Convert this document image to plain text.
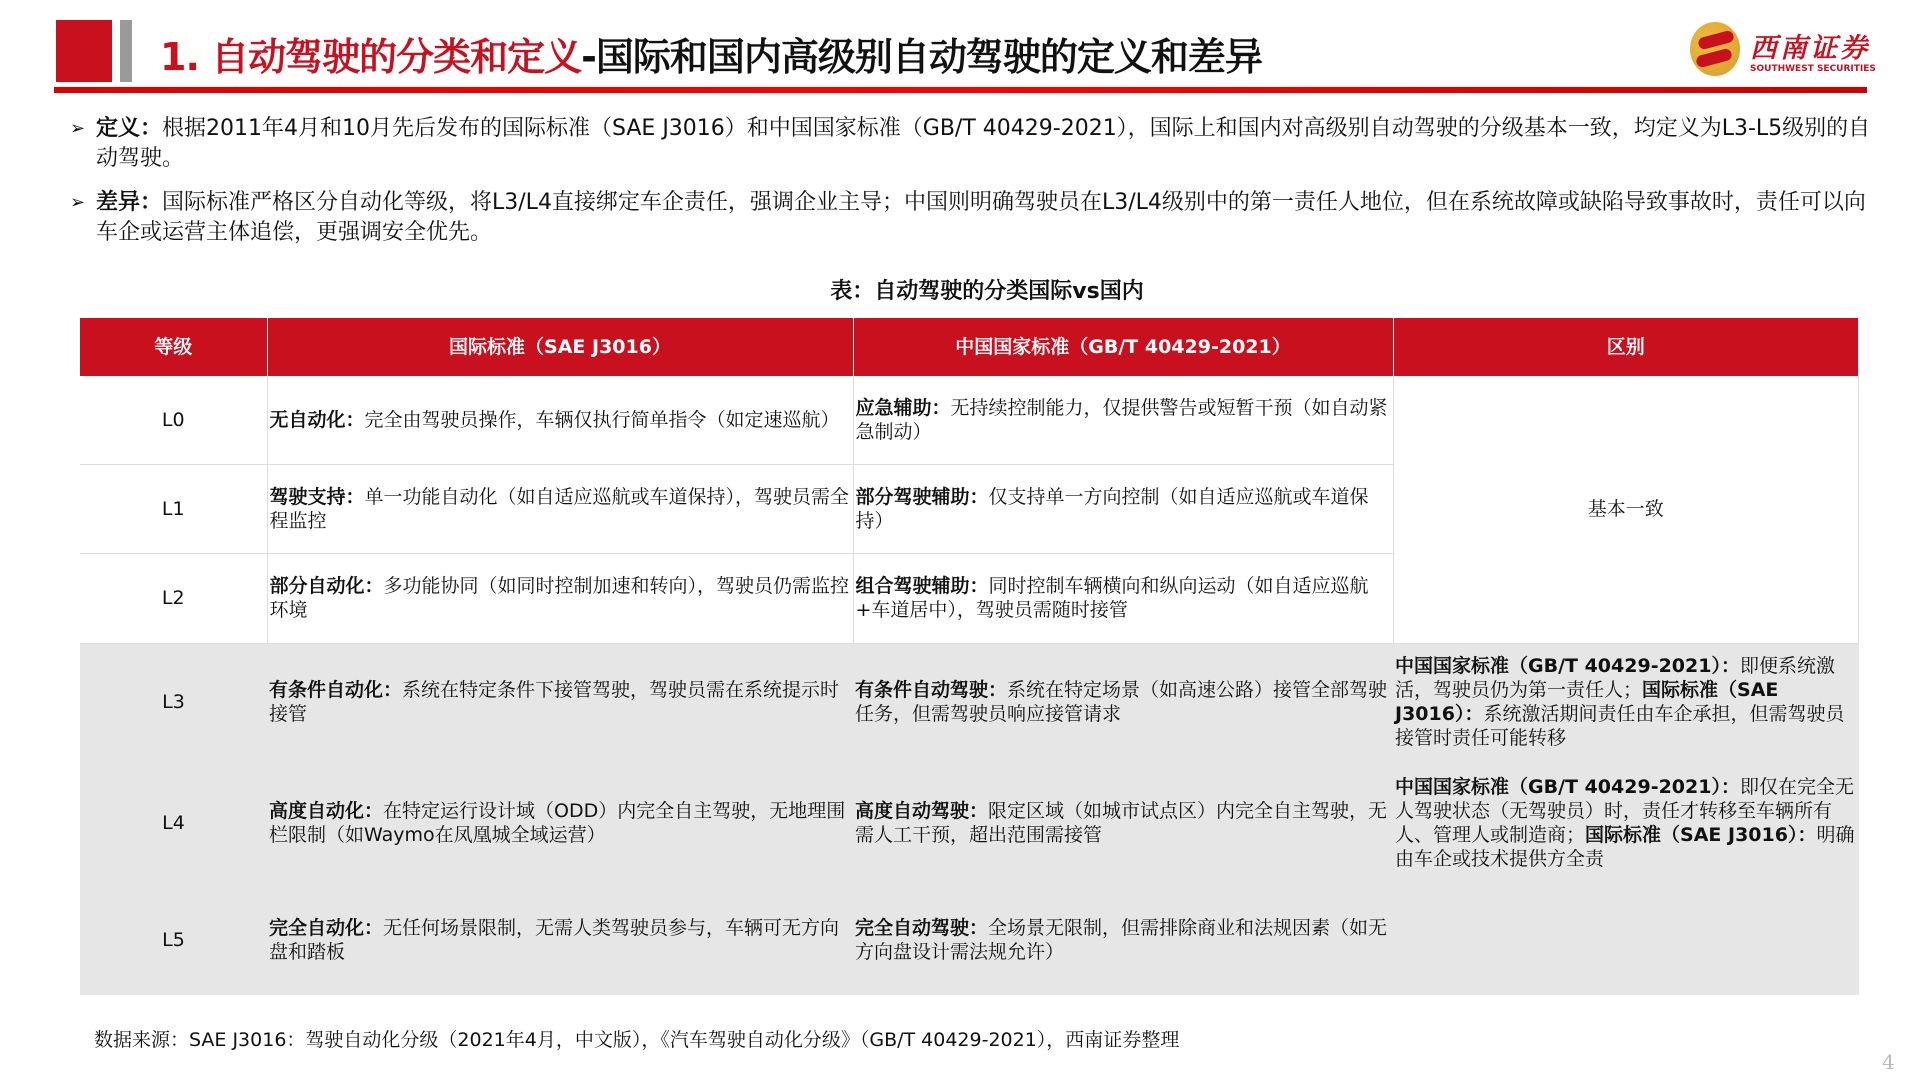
1. 自动驾驶的分类和定义-国际和国内高级别自动驾驶的定义和差异	西南证券
SOUTHWEST SECURITIES
➢ 定义：根据2011年4月和10月先后发布的国际标准（SAE J3016）和中国国家标准（GB/T 40429-2021），国际上和国内对高级别自动驾驶的分级基本一致，均定义为L3-L5级别的自动驾驶。
➢ 差异：国际标准严格区分自动化等级，将L3/L4直接绑定车企责任，强调企业主导；中国则明确驾驶员在L3/L4级别中的第一责任人地位，但在系统故障或缺陷导致事故时，责任可以向车企或运营主体追偿，更强调安全优先。
表：自动驾驶的分类国际vs国内
等级	国际标准（SAE J3016）	中国国家标准（GB/T 40429-2021）	区别
L0	无自动化：完全由驾驶员操作，车辆仅执行简单指令（如定速巡航）	应急辅助：无持续控制能力，仅提供警告或短暂干预（如自动紧急制动）	基本一致
L1	驾驶支持：单一功能自动化（如自适应巡航或车道保持），驾驶员需全程监控	部分驾驶辅助：仅支持单一方向控制（如自适应巡航或车道保持）	
L2	部分自动化：多功能协同（如同时控制加速和转向），驾驶员仍需监控环境	组合驾驶辅助：同时控制车辆横向和纵向运动（如自适应巡航+车道居中），驾驶员需随时接管	
L3	有条件自动化：系统在特定条件下接管驾驶，驾驶员需在系统提示时接管	有条件自动驾驶：系统在特定场景（如高速公路）接管全部驾驶任务，但需驾驶员响应接管请求	中国国家标准（GB/T 40429-2021）：即便系统激活，驾驶员仍为第一责任人；国际标准（SAE J3016）：系统激活期间责任由车企承担，但需驾驶员接管时责任可能转移
L4	高度自动化：在特定运行设计域（ODD）内完全自主驾驶，无地理围栏限制（如Waymo在凤凰城全域运营）	高度自动驾驶：限定区域（如城市试点区）内完全自主驾驶，无需人工干预，超出范围需接管	中国国家标准（GB/T 40429-2021）：即仅在完全无人驾驶状态（无驾驶员）时，责任才转移至车辆所有人、管理人或制造商；国际标准（SAE J3016）：明确由车企或技术提供方全责
L5	完全自动化：无任何场景限制，无需人类驾驶员参与，车辆可无方向盘和踏板	完全自动驾驶：全场景无限制，但需排除商业和法规因素（如无方向盘设计需法规允许）	
数据来源：SAE J3016：驾驶自动化分级（2021年4月，中文版），《汽车驾驶自动化分级》（GB/T 40429-2021），西南证券整理
4
